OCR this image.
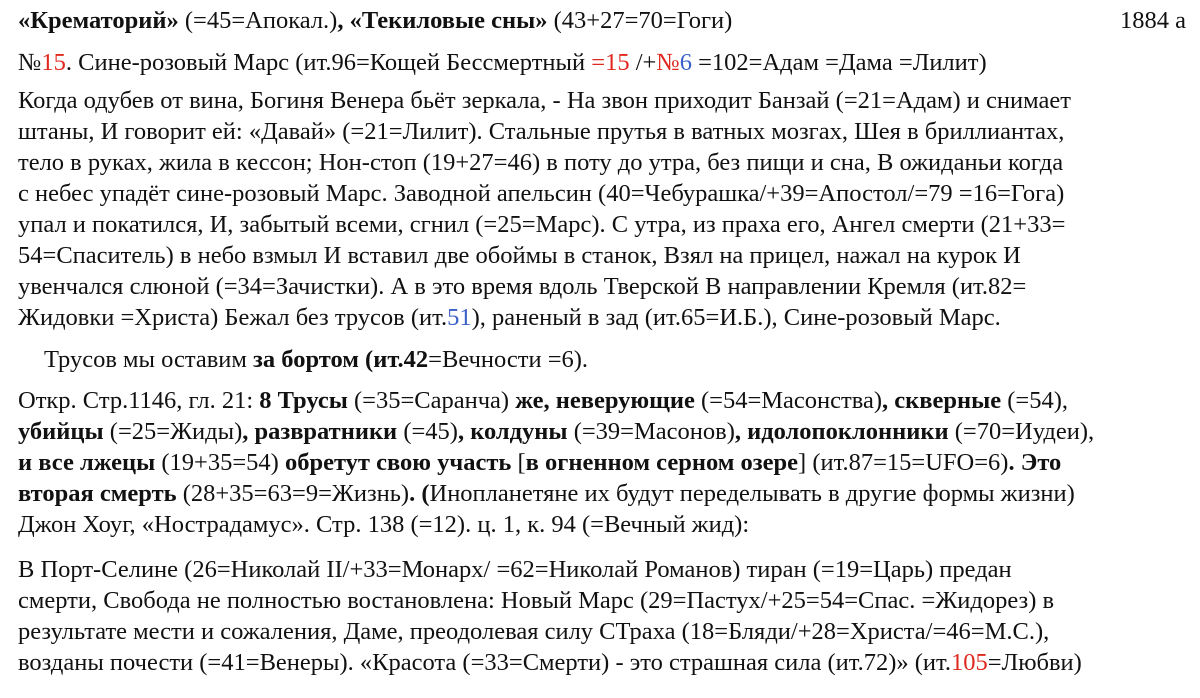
«Крематорий» (=45=Апокал.), «Текиловые сны» (43+27=70=Гоги)	1884 а
№15. Сине-розовый Марс (ит.96=Кощей Бессмертный =15 /+№6 =102=Адам =Дама =Лилит)
Когда одубев от вина, Богиня Венера бьёт зеркала, - На звон приходит Банзай (=21=Адам) и снимает
штаны, И говорит ей: «Давай» (=21=Лилит). Стальные прутья в ватных мозгах, Шея в бриллиантах,
тело в руках, жила в кессон; Нон-стоп (19+27=46) в поту до утра, без пищи и сна, В ожиданьи когда
с небес упадёт сине-розовый Марс. Заводной апельсин (40=Чебурашка/+39=Апостол/=79 =16=Гога)
упал и покатился, И, забытый всеми, сгнил (=25=Марс). С утра, из праха его, Ангел смерти (21+33=
54=Спаситель) в небо взмыл И вставил две обоймы в станок, Взял на прицел, нажал на курок И
увенчался слюной (=34=Зачистки). А в это время вдоль Тверской В направлении Кремля (ит.82=
Жидовки =Христа) Бежал без трусов (ит.51), раненый в зад (ит.65=И.Б.), Сине-розовый Марс.
Трусов мы оставим за бортом (ит.42=Вечности =6).
Откр. Стр.1146, гл. 21: 8 Трусы (=35=Саранча) же, неверующие (=54=Масонства), скверные (=54),
убийцы (=25=Жиды), развратники (=45), колдуны (=39=Масонов), идолопоклонники (=70=Иудеи),
и все лжецы (19+35=54) обретут свою участь [в огненном серном озере] (ит.87=15=UFO=6). Это
вторая смерть (28+35=63=9=Жизнь). (Инопланетяне их будут переделывать в другие формы жизни)
Джон Хоуг, «Нострадамус». Стр. 138 (=12). ц. 1, к. 94 (=Вечный жид):
В Порт-Селине (26=Николай II/+33=Монарх/ =62=Николай Романов) тиран (=19=Царь) предан
смерти, Свобода не полностью востановлена: Новый Марс (29=Пастух/+25=54=Спас. =Жидорез) в
результате мести и сожаления, Даме, преодолевая силу СТраха (18=Бляди/+28=Христа/=46=М.С.),
возданы почести (=41=Венеры). «Красота (=33=Смерти) - это страшная сила (ит.72)» (ит.105=Любви)
